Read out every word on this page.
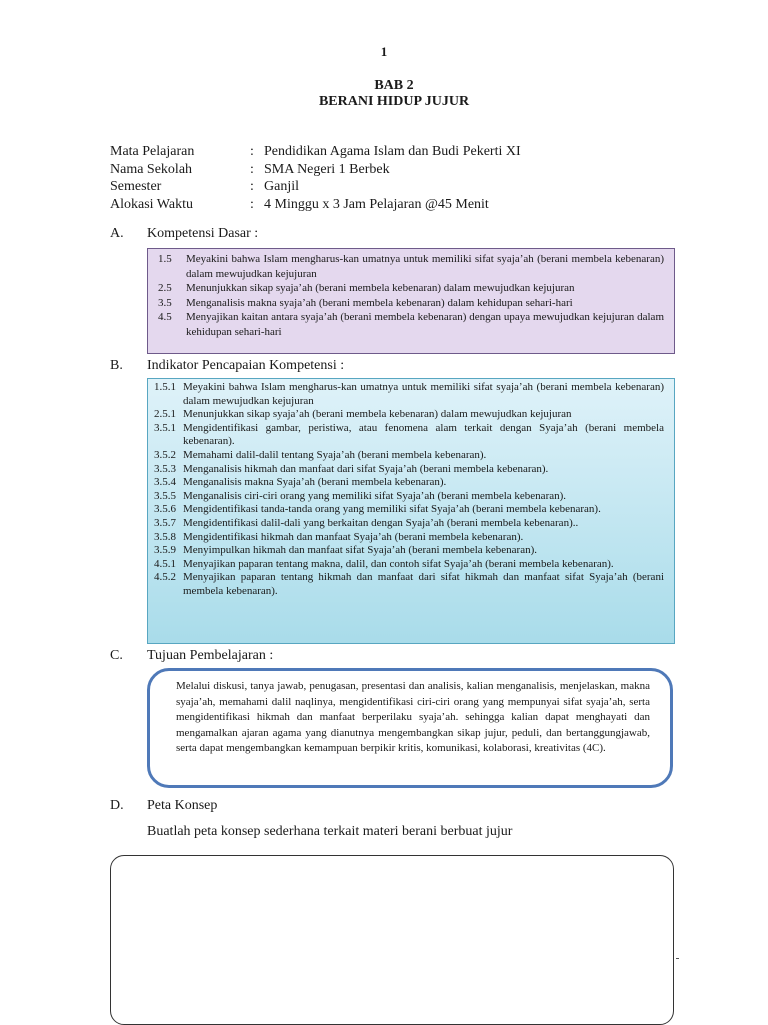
1
BAB 2
BERANI HIDUP JUJUR
Mata Pelajaran	: Pendidikan Agama Islam dan Budi Pekerti XI
Nama Sekolah	: SMA Negeri 1 Berbek
Semester	: Ganjil
Alokasi Waktu	: 4 Minggu x 3 Jam Pelajaran @45 Menit
A.	Kompetensi Dasar :
1.5	Meyakini bahwa Islam mengharus-kan umatnya untuk memiliki sifat syaja’ah (berani membela kebenaran) dalam mewujudkan kejujuran
2.5	Menunjukkan sikap syaja’ah (berani membela kebenaran) dalam mewujudkan kejujuran
3.5	Menganalisis makna syaja’ah (berani membela kebenaran) dalam kehidupan sehari-hari
4.5	Menyajikan kaitan antara syaja’ah (berani membela kebenaran) dengan upaya mewujudkan kejujuran dalam kehidupan sehari-hari
B.	Indikator Pencapaian Kompetensi :
1.5.1 Meyakini bahwa Islam mengharus-kan umatnya untuk memiliki sifat syaja’ah (berani membela kebenaran) dalam mewujudkan kejujuran
2.5.1 Menunjukkan sikap syaja’ah (berani membela kebenaran) dalam mewujudkan kejujuran
3.5.1 Mengidentifikasi gambar, peristiwa, atau fenomena alam terkait dengan Syaja’ah (berani membela kebenaran).
3.5.2 Memahami dalil-dalil tentang Syaja’ah (berani membela kebenaran).
3.5.3 Menganalisis hikmah dan manfaat dari sifat Syaja’ah (berani membela kebenaran).
3.5.4 Menganalisis makna Syaja’ah (berani membela kebenaran).
3.5.5 Menganalisis ciri-ciri orang yang memiliki sifat Syaja’ah (berani membela kebenaran).
3.5.6 Mengidentifikasi tanda-tanda orang yang memiliki sifat Syaja’ah (berani membela kebenaran).
3.5.7 Mengidentifikasi dalil-dali yang berkaitan dengan Syaja’ah (berani membela kebenaran)..
3.5.8 Mengidentifikasi hikmah dan manfaat Syaja’ah (berani membela kebenaran).
3.5.9 Menyimpulkan hikmah dan manfaat sifat Syaja’ah (berani membela kebenaran).
4.5.1 Menyajikan paparan tentang makna, dalil, dan contoh sifat Syaja’ah (berani membela kebenaran).
4.5.2 Menyajikan paparan tentang hikmah dan manfaat dari sifat hikmah dan manfaat sifat Syaja’ah (berani membela kebenaran).
C.	Tujuan Pembelajaran :
Melalui diskusi, tanya jawab, penugasan, presentasi dan analisis, kalian menganalisis, menjelaskan, makna syaja’ah, memahami dalil naqlinya, mengidentifikasi ciri-ciri orang yang mempunyai sifat syaja’ah, serta mengidentifikasi hikmah dan manfaat berperilaku syaja’ah. sehingga kalian dapat menghayati dan mengamalkan ajaran agama yang dianutnya mengembangkan sikap jujur, peduli, dan bertanggungjawab, serta dapat mengembangkan kemampuan berpikir kritis, komunikasi, kolaborasi, kreativitas (4C).
D.	Peta Konsep
Buatlah peta konsep sederhana terkait materi berani berbuat jujur
